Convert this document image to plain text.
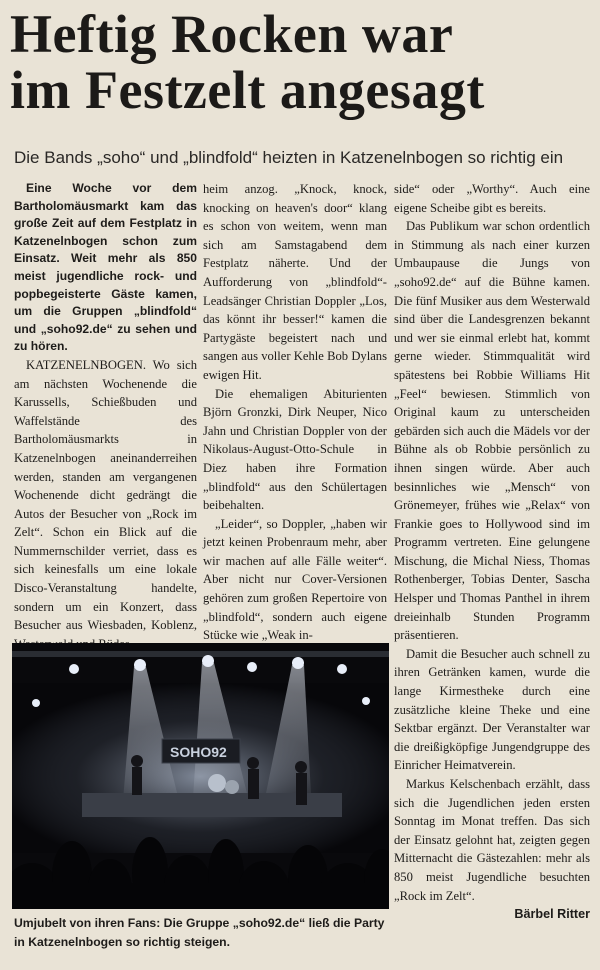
Heftig Rocken war
im Festzelt angesagt
Die Bands „soho“ und „blindfold“ heizten in Katzenelnbogen so richtig ein

Eine Woche vor dem Bartholomäusmarkt kam das große Zeit auf dem Festplatz in Katzenelnbogen schon zum Einsatz. Weit mehr als 850 meist jugendliche rock- und popbegeisterte Gäste kamen, um die Gruppen „blindfold“ und „soho92.de“ zu sehen und zu hören.

KATZENELNBOGEN. Wo sich am nächsten Wochenende die Karussells, Schießbuden und Waffelstände des Bartholomäusmarkts in Katzenelnbogen aneinanderreihen werden, standen am vergangenen Wochenende dicht gedrängt die Autos der Besucher von „Rock im Zelt“. Schon ein Blick auf die Nummernschilder verriet, dass es sich keinesfalls um eine lokale Disco-Veranstaltung handelte, sondern um ein Konzert, dass Besucher aus Wiesbaden, Koblenz,

heim anzog. „Knock, knock, knocking on heaven's door“ klang es schon von weitem, wenn man sich am Samstagabend dem Festplatz näherte. Und der Aufforderung von „blindfold“-Leadsänger Christian Doppler „Los, das könnt ihr besser!“ kamen die Partygäste begeistert nach und sangen aus voller Kehle Bob Dylans ewigen Hit.

Die ehemaligen Abiturienten Björn Gronzki, Dirk Neuper, Nico Jahn und Christian Doppler von der Nikolaus-August-Otto-Schule in Diez haben ihre Formation „blindfold“ aus den Schülertagen beibehalten.

„Leider“, so Doppler, „haben wir jetzt keinen Probenraum mehr, aber wir machen auf alle Fälle weiter“. Aber nicht nur Cover-Versionen gehören zum großen Repertoire von „blindfold“, sondern auch eigene Stücke wie „Weak in-

side“ oder „Worthy“. Auch eine eigene Scheibe gibt es bereits.

Das Publikum war schon ordentlich in Stimmung als nach einer kurzen Umbaupause die Jungs von „soho92.de“ auf die Bühne kamen. Die fünf Musiker aus dem Westerwald sind über die Landesgrenzen bekannt und wer sie einmal erlebt hat, kommt gerne wieder. Stimmqualität wird spätestens bei Robbie Williams Hit „Feel“ bewiesen. Stimmlich von Original kaum zu unterscheiden gebärden sich auch die Mädels vor der Bühne als ob Robbie persönlich zu ihnen singen würde. Aber auch besinnliches wie „Mensch“ von Grönemeyer, frühes wie „Relax“ von Frankie goes to Hollywood sind im Programm vertreten. Eine gelungene Mischung, die Michal Niess, Thomas Rothenberger, Tobias Denter, Sascha Helsper und Thomas Panthel in ihrem dreieinhalb Stunden Programm präsentieren.

Damit die Besucher auch schnell zu ihren Getränken kamen, wurde die lange Kirmestheke durch eine zusätzliche kleine Theke und eine Sektbar ergänzt. Der Veranstalter war die dreißigköpfige Jungendgruppe des Einricher Heimatverein.

Markus Kelschenbach erzählt, dass sich die Jugendlichen jeden ersten Sonntag im Monat treffen. Das sich der Einsatz gelohnt hat, zeigten gegen Mitternacht die Gästezahlen: mehr als 850 meist Jugendliche besuchten „Rock im Zelt“.

Bärbel Ritter
SOHO92
Umjubelt von ihren Fans: Die Gruppe „soho92.de“ ließ die Party in Katzenelnbogen so richtig steigen.
